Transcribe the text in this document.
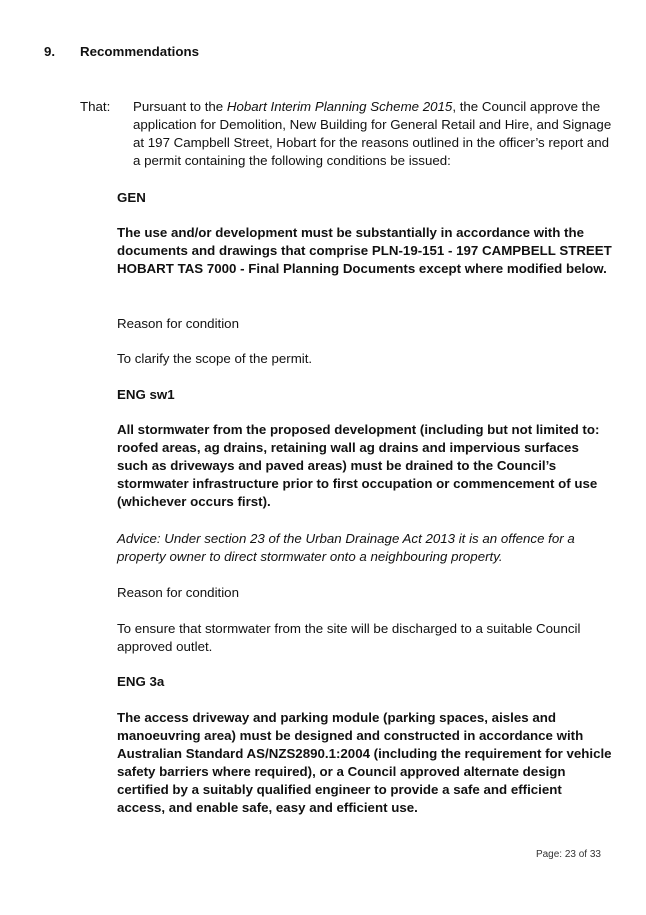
9. Recommendations
That: Pursuant to the Hobart Interim Planning Scheme 2015, the Council approve the application for Demolition, New Building for General Retail and Hire, and Signage at 197 Campbell Street, Hobart for the reasons outlined in the officer’s report and a permit containing the following conditions be issued:

GEN

The use and/or development must be substantially in accordance with the documents and drawings that comprise PLN-19-151 - 197 CAMPBELL STREET HOBART TAS 7000 - Final Planning Documents except where modified below.

Reason for condition

To clarify the scope of the permit.

ENG sw1

All stormwater from the proposed development (including but not limited to: roofed areas, ag drains, retaining wall ag drains and impervious surfaces such as driveways and paved areas) must be drained to the Council’s stormwater infrastructure prior to first occupation or commencement of use (whichever occurs first).

Advice: Under section 23 of the Urban Drainage Act 2013 it is an offence for a property owner to direct stormwater onto a neighbouring property.

Reason for condition

To ensure that stormwater from the site will be discharged to a suitable Council approved outlet.

ENG 3a

The access driveway and parking module (parking spaces, aisles and manoeuvring area) must be designed and constructed in accordance with Australian Standard AS/NZS2890.1:2004 (including the requirement for vehicle safety barriers where required), or a Council approved alternate design certified by a suitably qualified engineer to provide a safe and efficient access, and enable safe, easy and efficient use.

Page: 23 of 33
